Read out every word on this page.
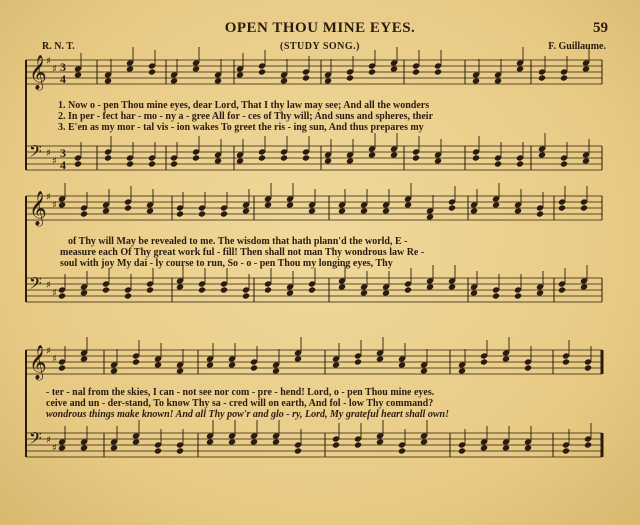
OPEN THOU MINE EYES.	59
R. N. T.	(STUDY SONG.)	F. Guillaume.
𝄞 ♯
♯ 3
4
𝄢 ♯
♯
3
4
𝄞 ♯
♯
𝄢 ♯
♯
𝄞 ♯
♯
𝄢 ♯
♯
1. Now o - pen Thou mine eyes, dear Lord, That I thy law may see; And all the wonders
2. In per - fect har - mo - ny a - gree All for - ces of Thy will; And suns and spheres, their
3. E'en as my mor - tal vis - ion wakes To greet the ris - ing sun, And thus prepares my
of Thy will May be revealed to me. The wisdom that hath plann'd the world, E -
measure each Of Thy great work ful - fill! Then shall not man Thy wondrous law Re -
soul with joy My dai - ly course to run, So - o - pen Thou my longing eyes, Thy
- ter - nal from the skies, I can - not see nor com - pre - hend! Lord, o - pen Thou mine eyes.
ceive and un - der-stand, To know Thy sa - cred will on earth, And fol - low Thy command?
wondrous things make known! And all Thy pow'r and glo - ry, Lord, My grateful heart shall own!
